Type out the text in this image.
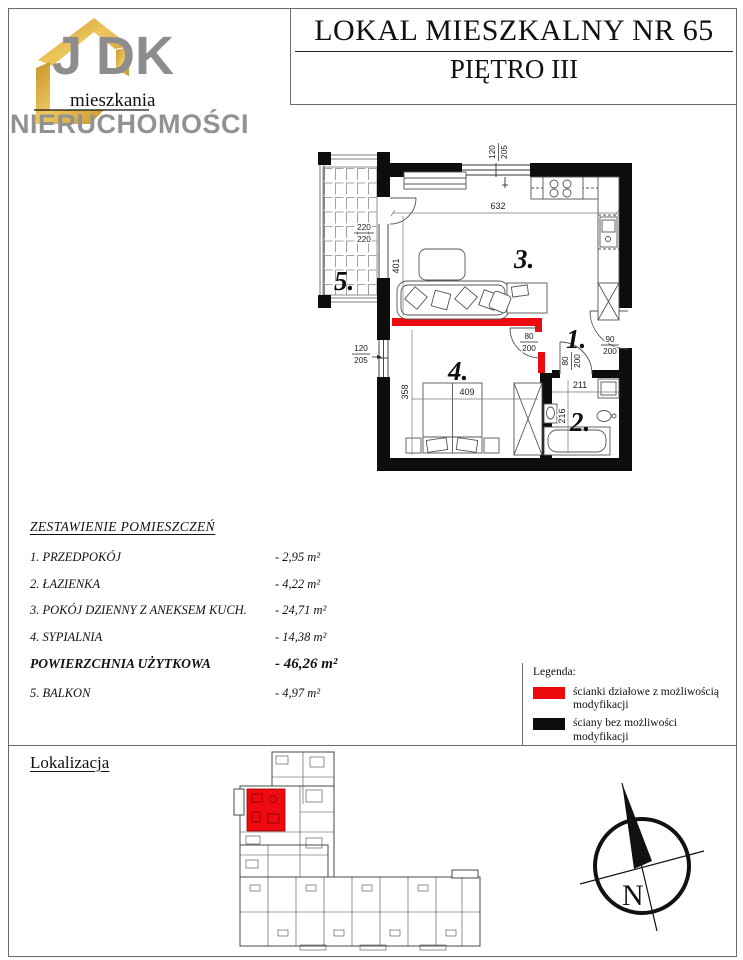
J DK
mieszkania
NIERUCHOMOŚCI
LOKAL MIESZKALNY NR 65
PIĘTRO III
632
401
409
358	211
216
120 205
120
205
220
220
80
200
80 200
90
200
3.
1.
2.
4.
5.
ZESTAWIENIE POMIESZCZEŃ
1. PRZEDPOKÓJ	- 2,95 m²
2. ŁAZIENKA	- 4,22 m²
3. POKÓJ DZIENNY Z ANEKSEM KUCH.	- 24,71 m²
4. SYPIALNIA	- 14,38 m²
POWIERZCHNIA UŻYTKOWA	- 46,26 m²
5. BALKON	- 4,97 m²
Legenda:
ścianki działowe z możliwością modyfikacji
ściany bez możliwości modyfikacji
Lokalizacja
N
